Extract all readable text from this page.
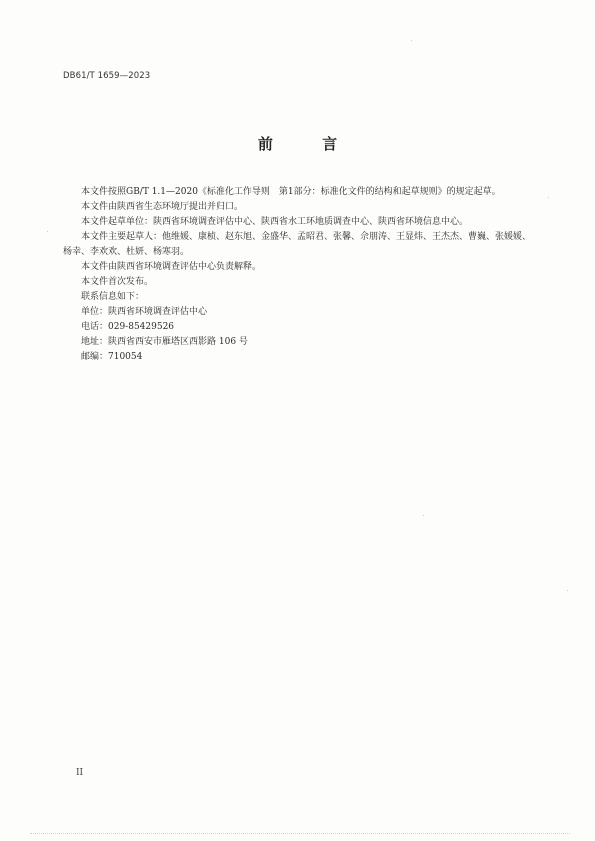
DB61/T 1659—2023
前 言

本文件按照GB/T 1.1—2020《标准化工作导则　第1部分：标准化文件的结构和起草规则》的规定起草。

本文件由陕西省生态环境厅提出并归口。

本文件起草单位：陕西省环境调查评估中心、陕西省水工环地质调查中心、陕西省环境信息中心。

本文件主要起草人：他维媛、康桢、赵东旭、金盛华、孟昭君、张馨、佘朋涛、王显炜、王杰杰、曹巍、张媛媛、杨幸、李欢欢、杜妍、杨寒羽。

本文件由陕西省环境调查评估中心负责解释。

本文件首次发布。

联系信息如下：

单位：陕西省环境调查评估中心

电话：029-85429526

地址：陕西省西安市雁塔区西影路 106 号

邮编：710054

II
